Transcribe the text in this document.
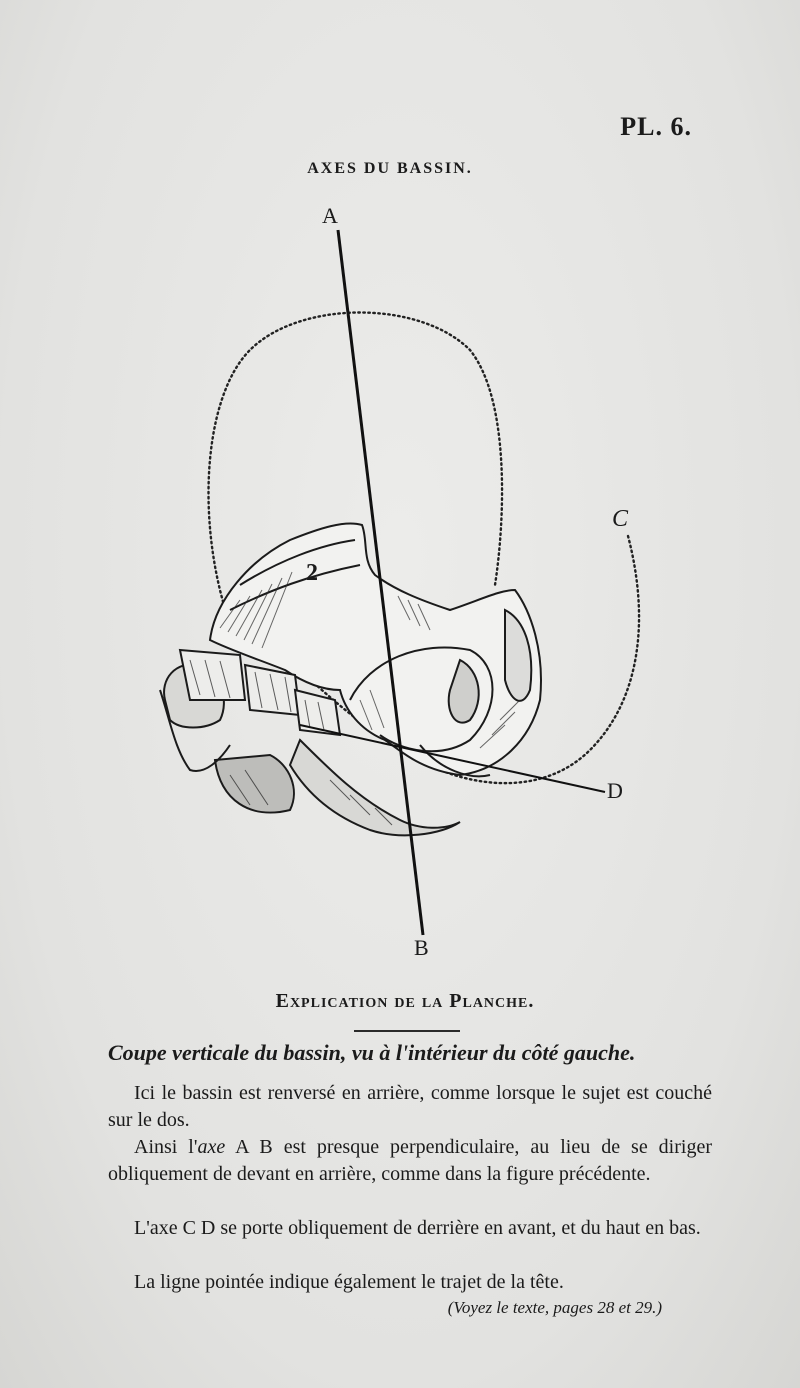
PL. 6.
AXES DU BASSIN.
A
B
C
D
2
Explication de la Planche.
Coupe verticale du bassin, vu à l'intérieur du côté gauche.
Ici le bassin est renversé en arrière, comme lorsque le sujet est couché sur le dos.
Ainsi l'axe A B est presque perpendiculaire, au lieu de se diriger obliquement de devant en arrière, comme dans la figure précédente.
L'axe C D se porte obliquement de derrière en avant, et du haut en bas.
La ligne pointée indique également le trajet de la tête.
(Voyez le texte, pages 28 et 29.)
